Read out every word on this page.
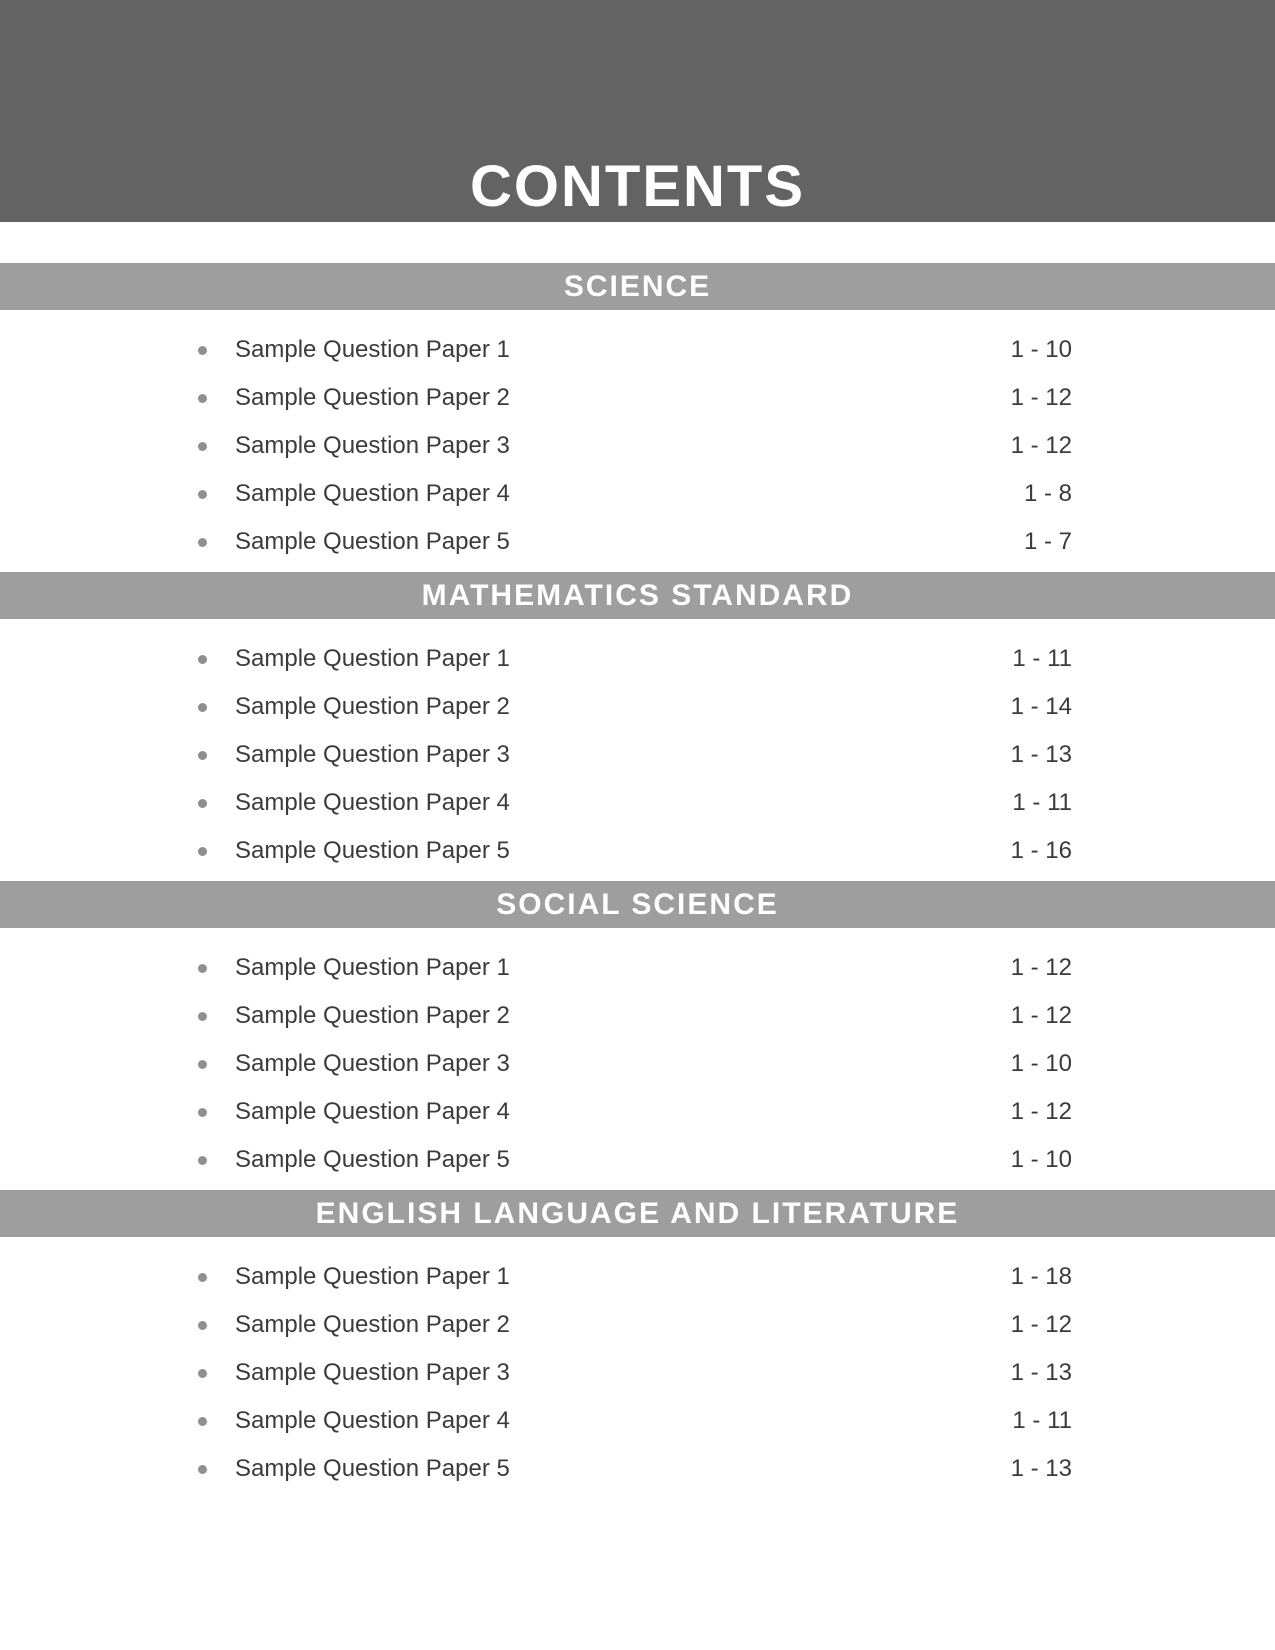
CONTENTS
SCIENCE
Sample Question Paper 1	1 - 10
Sample Question Paper 2	1 - 12
Sample Question Paper 3	1 - 12
Sample Question Paper 4	1 - 8
Sample Question Paper 5	1 - 7
MATHEMATICS STANDARD
Sample Question Paper 1	1 - 11
Sample Question Paper 2	1 - 14
Sample Question Paper 3	1 - 13
Sample Question Paper 4	1 - 11
Sample Question Paper 5	1 - 16
SOCIAL SCIENCE
Sample Question Paper 1	1 - 12
Sample Question Paper 2	1 - 12
Sample Question Paper 3	1 - 10
Sample Question Paper 4	1 - 12
Sample Question Paper 5	1 - 10
ENGLISH LANGUAGE AND LITERATURE
Sample Question Paper 1	1 - 18
Sample Question Paper 2	1 - 12
Sample Question Paper 3	1 - 13
Sample Question Paper 4	1 - 11
Sample Question Paper 5	1 - 13
